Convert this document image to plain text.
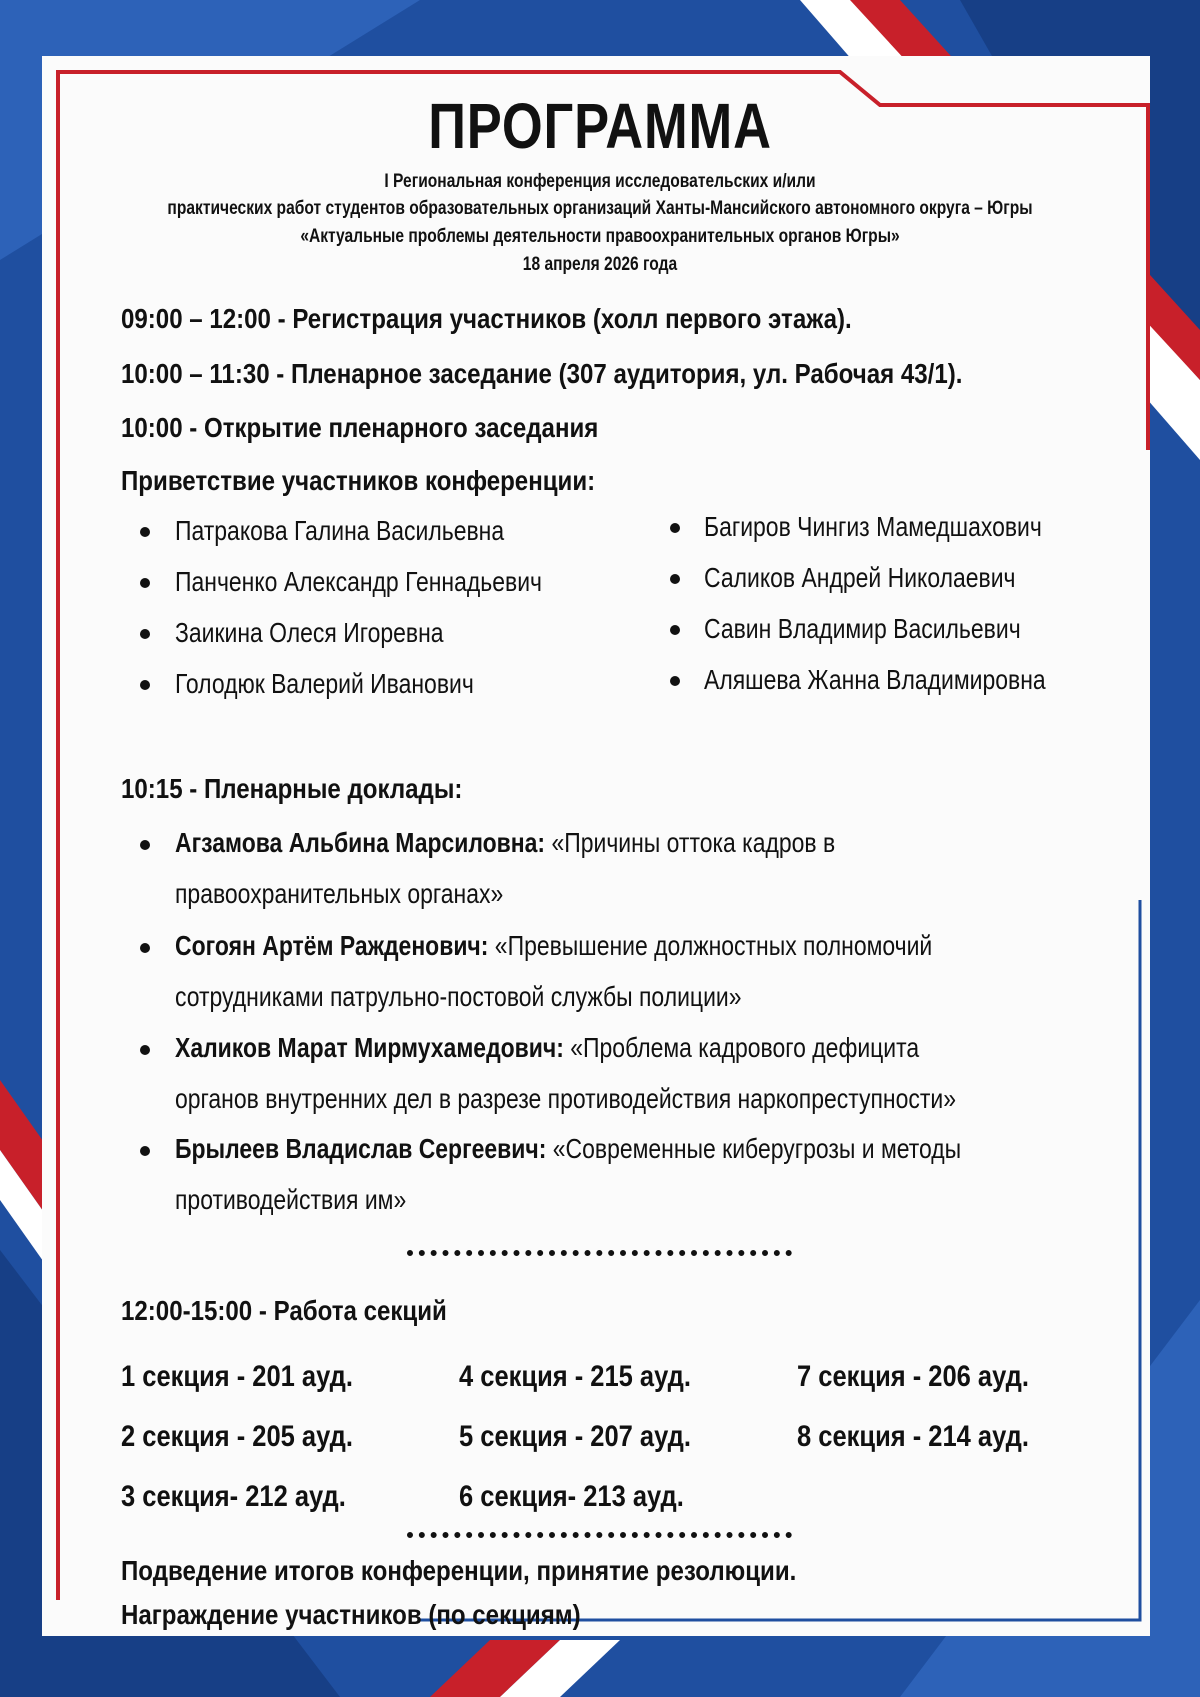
ПРОГРАММА
I Региональная конференция исследовательских и/или
практических работ студентов образовательных организаций Ханты-Мансийского автономного округа – Югры
«Актуальные проблемы деятельности правоохранительных органов Югры»
18 апреля 2026 года
09:00 – 12:00 - Регистрация участников (холл первого этажа).
10:00 – 11:30 - Пленарное заседание (307 аудитория, ул. Рабочая 43/1).
10:00 - Открытие пленарного заседания
Приветствие участников конференции:
Патракова Галина Васильевна
Панченко Александр Геннадьевич
Заикина Олеся Игоревна
Голодюк Валерий Иванович
Багиров Чингиз Мамедшахович
Саликов Андрей Николаевич
Савин Владимир Васильевич
Аляшева Жанна Владимировна
10:15 - Пленарные доклады:
Агзамова Альбина Марсиловна: «Причины оттока кадров в
правоохранительных органах»
Согоян Артём Ражденович: «Превышение должностных полномочий
сотрудниками патрульно-постовой службы полиции»
Халиков Марат Мирмухамедович: «Проблема кадрового дефицита
органов внутренних дел в разрезе противодействия наркопреступности»
Брылеев Владислав Сергеевич: «Современные киберугрозы и методы
противодействия им»
12:00-15:00 - Работа секций
1 секция - 201 ауд.	4 секция - 215 ауд.	7 секция - 206 ауд.
2 секция - 205 ауд.	5 секция - 207 ауд.	8 секция - 214 ауд.
3 секция- 212 ауд.	6 секция- 213 ауд.
Подведение итогов конференции, принятие резолюции.
Награждение участников (по секциям)
